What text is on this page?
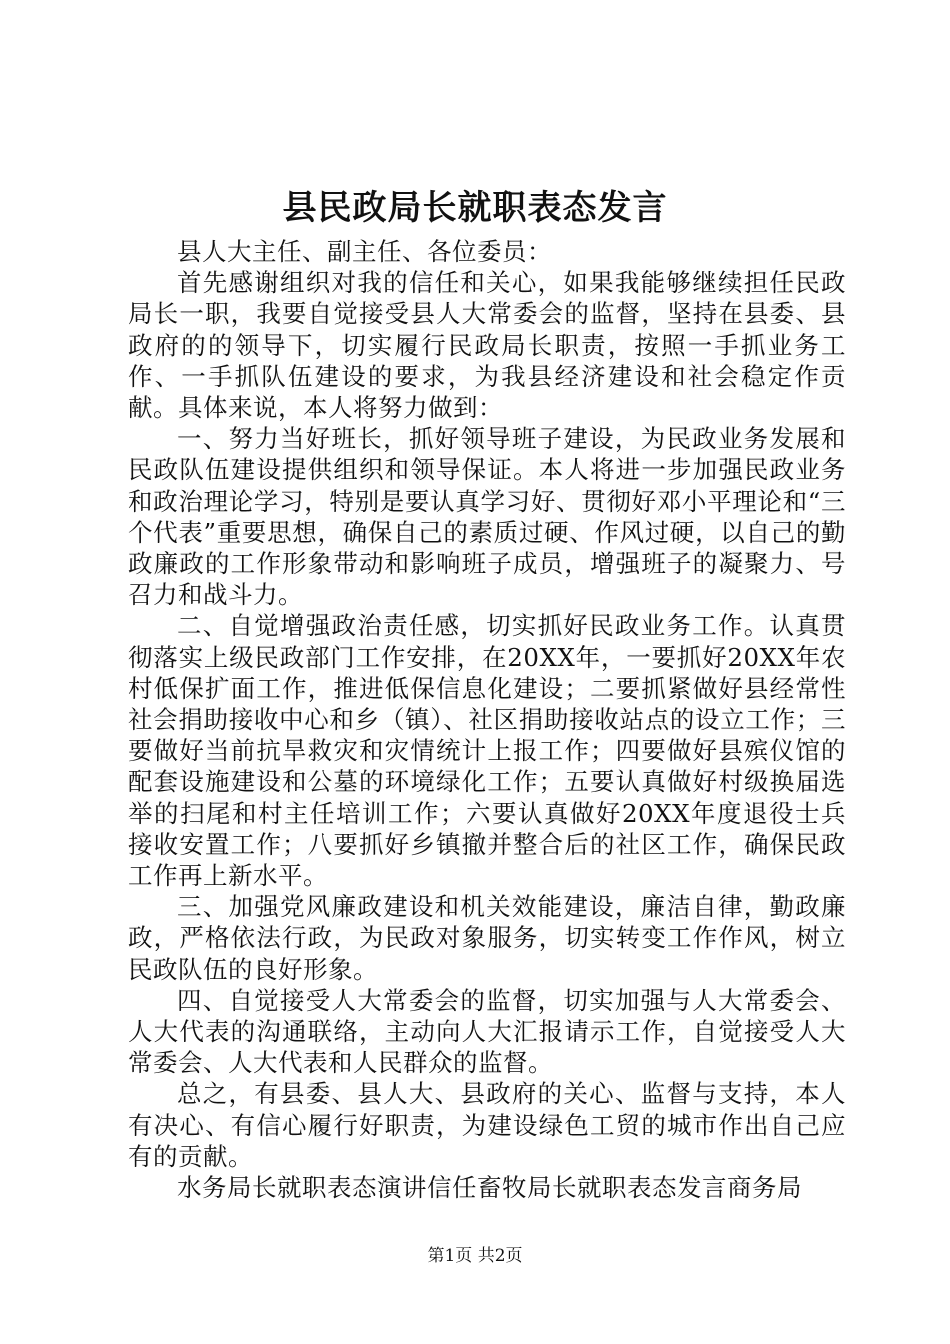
县民政局长就职表态发言

县人大主任、副主任、各位委员：

首先感谢组织对我的信任和关心，如果我能够继续担任民政局长一职，我要自觉接受县人大常委会的监督，坚持在县委、县政府的的领导下，切实履行民政局长职责，按照一手抓业务工作、一手抓队伍建设的要求，为我县经济建设和社会稳定作贡献。具体来说，本人将努力做到：

一、努力当好班长，抓好领导班子建设，为民政业务发展和民政队伍建设提供组织和领导保证。本人将进一步加强民政业务和政治理论学习，特别是要认真学习好、贯彻好邓小平理论和“三个代表”重要思想，确保自己的素质过硬、作风过硬，以自己的勤政廉政的工作形象带动和影响班子成员，增强班子的凝聚力、号召力和战斗力。

二、自觉增强政治责任感，切实抓好民政业务工作。认真贯彻落实上级民政部门工作安排，在20XX年，一要抓好20XX年农村低保扩面工作，推进低保信息化建设；二要抓紧做好县经常性社会捐助接收中心和乡（镇）、社区捐助接收站点的设立工作；三要做好当前抗旱救灾和灾情统计上报工作；四要做好县殡仪馆的配套设施建设和公墓的环境绿化工作；五要认真做好村级换届选举的扫尾和村主任培训工作；六要认真做好20XX年度退役士兵接收安置工作；八要抓好乡镇撤并整合后的社区工作，确保民政工作再上新水平。

三、加强党风廉政建设和机关效能建设，廉洁自律，勤政廉政，严格依法行政，为民政对象服务，切实转变工作作风，树立民政队伍的良好形象。

四、自觉接受人大常委会的监督，切实加强与人大常委会、人大代表的沟通联络，主动向人大汇报请示工作，自觉接受人大常委会、人大代表和人民群众的监督。

总之，有县委、县人大、县政府的关心、监督与支持，本人有决心、有信心履行好职责，为建设绿色工贸的城市作出自己应有的贡献。

水务局长就职表态演讲信任畜牧局长就职表态发言商务局

第1页 共2页
